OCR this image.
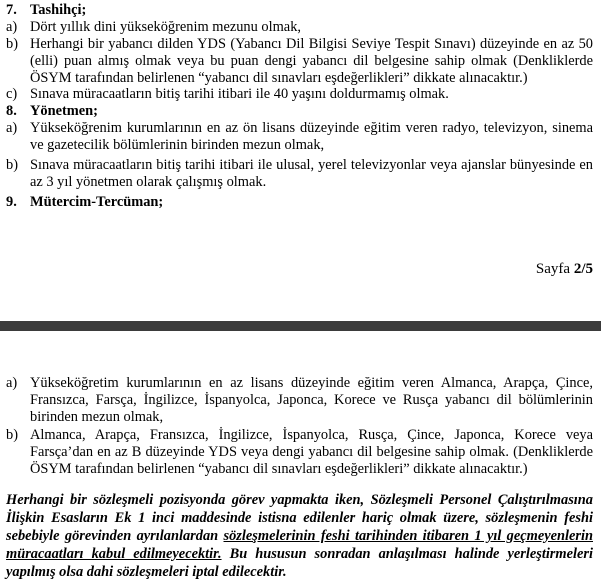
7. Tashihçi;
a) Dört yıllık dini yükseköğrenim mezunu olmak,
b) Herhangi bir yabancı dilden YDS (Yabancı Dil Bilgisi Seviye Tespit Sınavı) düzeyinde en az 50 (elli) puan almış olmak veya bu puan dengi yabancı dil belgesine sahip olmak (Denkliklerde ÖSYM tarafından belirlenen “yabancı dil sınavları eşdeğerlikleri” dikkate alınacaktır.)
c) Sınava müracaatların bitiş tarihi itibari ile 40 yaşını doldurmamış olmak.
8. Yönetmen;
a) Yükseköğrenim kurumlarının en az ön lisans düzeyinde eğitim veren radyo, televizyon, sinema ve gazetecilik bölümlerinin birinden mezun olmak,
b) Sınava müracaatların bitiş tarihi itibari ile ulusal, yerel televizyonlar veya ajanslar bünyesinde en az 3 yıl yönetmen olarak çalışmış olmak.
9. Mütercim-Tercüman;
Sayfa 2/5
a) Yükseköğretim kurumlarının en az lisans düzeyinde eğitim veren Almanca, Arapça, Çince, Fransızca, Farsça, İngilizce, İspanyolca, Japonca, Korece ve Rusça yabancı dil bölümlerinin birinden mezun olmak,
b) Almanca, Arapça, Fransızca, İngilizce, İspanyolca, Rusça, Çince, Japonca, Korece veya Farsça’dan en az B düzeyinde YDS veya dengi yabancı dil belgesine sahip olmak. (Denkliklerde ÖSYM tarafından belirlenen “yabancı dil sınavları eşdeğerlikleri” dikkate alınacaktır.)
Herhangi bir sözleşmeli pozisyonda görev yapmakta iken, Sözleşmeli Personel Çalıştırılmasına İlişkin Esasların Ek 1 inci maddesinde istisna edilenler hariç olmak üzere, sözleşmenin feshi sebebiyle görevinden ayrılanlardan sözleşmelerinin feshi tarihinden itibaren 1 yıl geçmeyenlerin müracaatları kabul edilmeyecektir. Bu hususun sonradan anlaşılması halinde yerleştirmeleri yapılmış olsa dahi sözleşmeleri iptal edilecektir.
